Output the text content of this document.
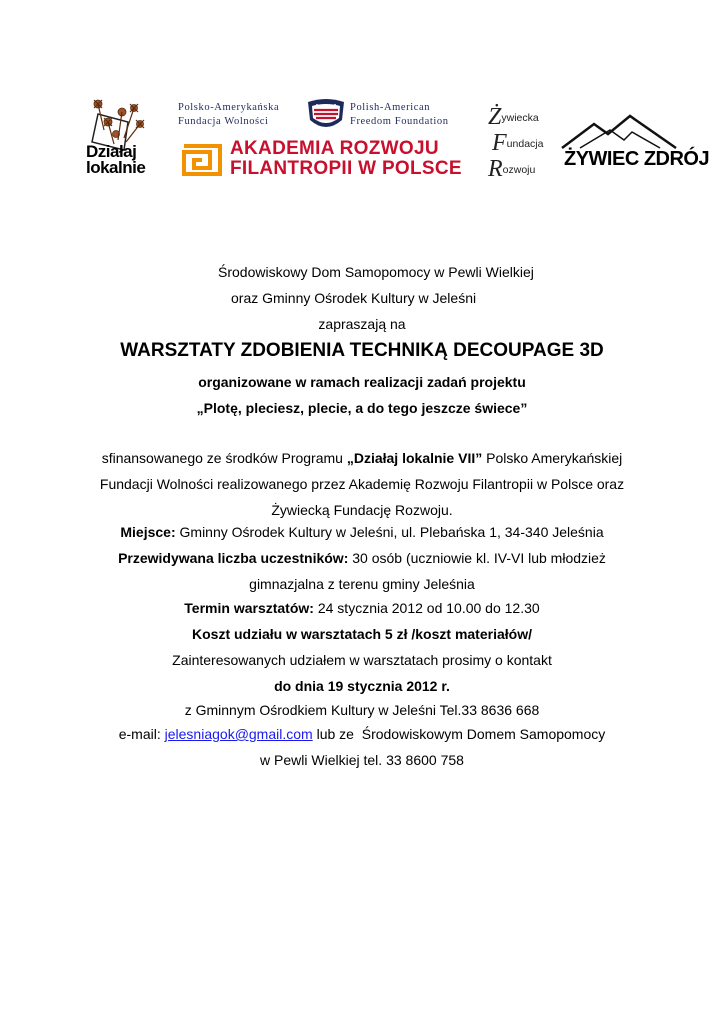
Działaj
lokalnie
Polsko-Amerykańska
Fundacja Wolności
Polish-American
Freedom Foundation
AKADEMIA ROZWOJU
FILANTROPII W POLSCE
Żywiecka
Fundacja
Rozwoju ŻYWIEC ZDRÓJ
Środowiskowy Dom Samopomocy w Pewli Wielkiej
oraz Gminny Ośrodek Kultury w Jeleśni
zapraszają na
WARSZTATY ZDOBIENIA TECHNIKĄ DECOUPAGE 3D
organizowane w ramach realizacji zadań projektu
„Plotę, pleciesz, plecie, a do tego jeszcze świece”
sfinansowanego ze środków Programu „Działaj lokalnie VII” Polsko Amerykańskiej
Fundacji Wolności realizowanego przez Akademię Rozwoju Filantropii w Polsce oraz
Żywiecką Fundację Rozwoju.
Miejsce: Gminny Ośrodek Kultury w Jeleśni, ul. Plebańska 1, 34-340 Jeleśnia
Przewidywana liczba uczestników: 30 osób (uczniowie kl. IV-VI lub młodzież
gimnazjalna z terenu gminy Jeleśnia
Termin warsztatów: 24 stycznia 2012 od 10.00 do 12.30
Koszt udziału w warsztatach 5 zł /koszt materiałów/
Zainteresowanych udziałem w warsztatach prosimy o kontakt
do dnia 19 stycznia 2012 r.
z Gminnym Ośrodkiem Kultury w Jeleśni Tel.33 8636 668
e-mail: jelesniagok@gmail.com lub ze  Środowiskowym Domem Samopomocy
w Pewli Wielkiej tel. 33 8600 758
